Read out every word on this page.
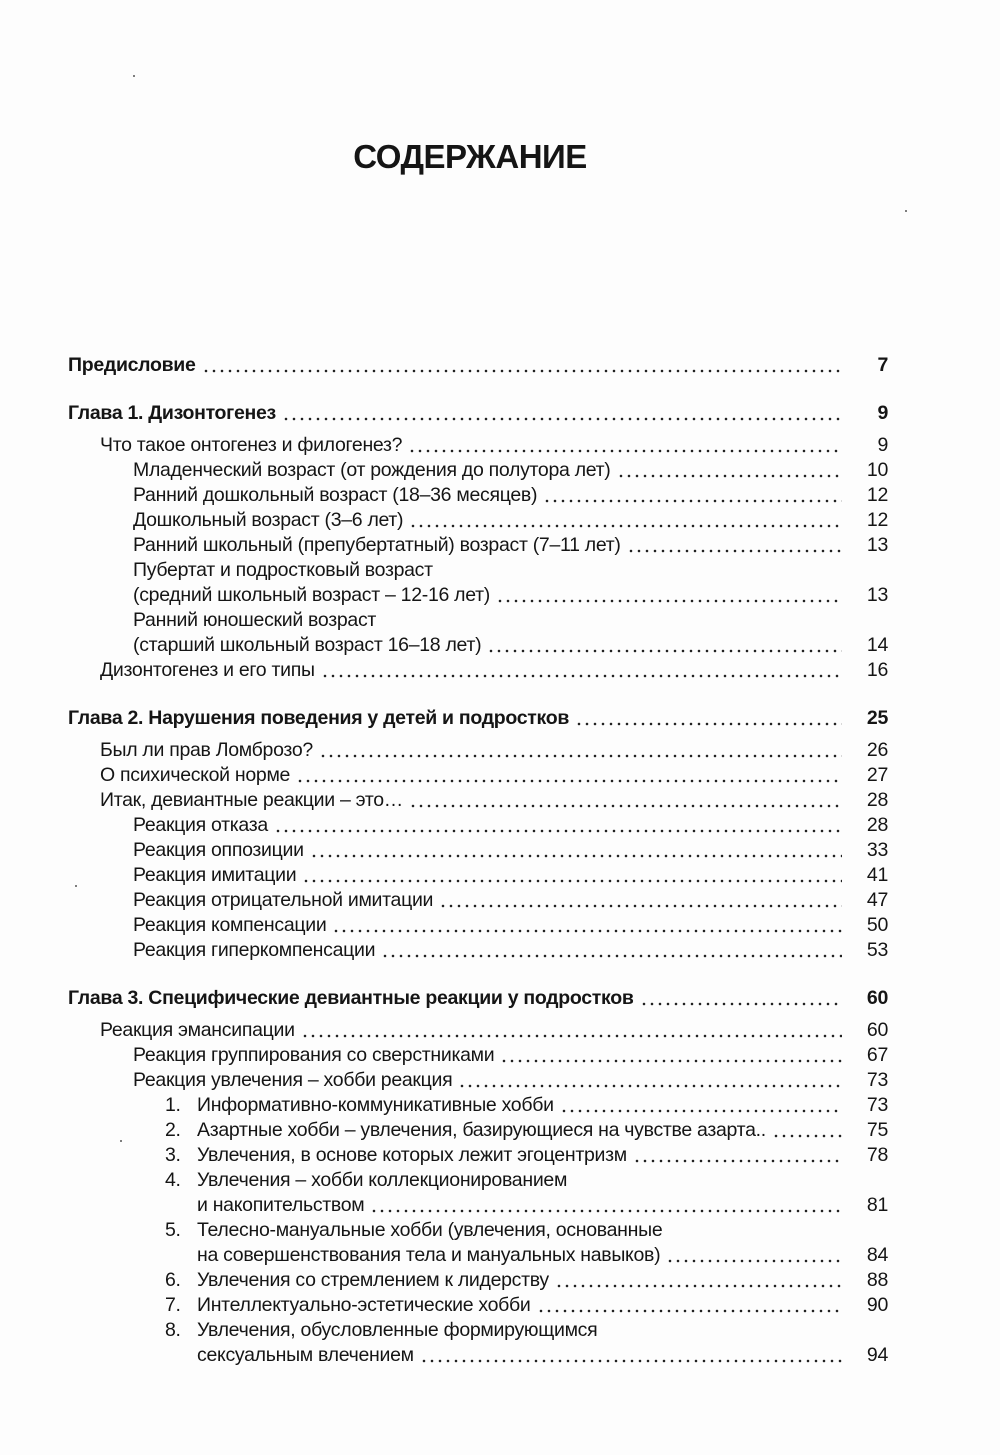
СОДЕРЖАНИЕ
Предисловие	7
Глава 1. Дизонтогенез	9
Что такое онтогенез и филогенез?	9
Младенческий возраст (от рождения до полутора лет)	10
Ранний дошкольный возраст (18–36 месяцев)	12
Дошкольный возраст (3–6 лет)	12
Ранний школьный (препубертатный) возраст (7–11 лет)	13
Пубертат и подростковый возраст
(средний школьный возраст – 12-16 лет)	13
Ранний юношеский возраст
(старший школьный возраст 16–18 лет)	14
Дизонтогенез и его типы	16
Глава 2. Нарушения поведения у детей и подростков	25
Был ли прав Ломброзо?	26
О психической норме	27
Итак, девиантные реакции – это…	28
Реакция отказа	28
Реакция оппозиции	33
Реакция имитации	41
Реакция отрицательной имитации	47
Реакция компенсации	50
Реакция гиперкомпенсации	53
Глава 3. Специфические девиантные реакции у подростков	60
Реакция эмансипации	60
Реакция группирования со сверстниками	67
Реакция увлечения – хобби реакция	73
1. Информативно-коммуникативные хобби	73
2. Азартные хобби – увлечения, базирующиеся на чувстве азарта..	75
3. Увлечения, в основе которых лежит эгоцентризм	78
4. Увлечения – хобби коллекционированием
и накопительством	81
5. Телесно-мануальные хобби (увлечения, основанные
на совершенствования тела и мануальных навыков)	84
6. Увлечения со стремлением к лидерству	88
7. Интеллектуально-эстетические хобби	90
8. Увлечения, обусловленные формирующимся
сексуальным влечением	94
